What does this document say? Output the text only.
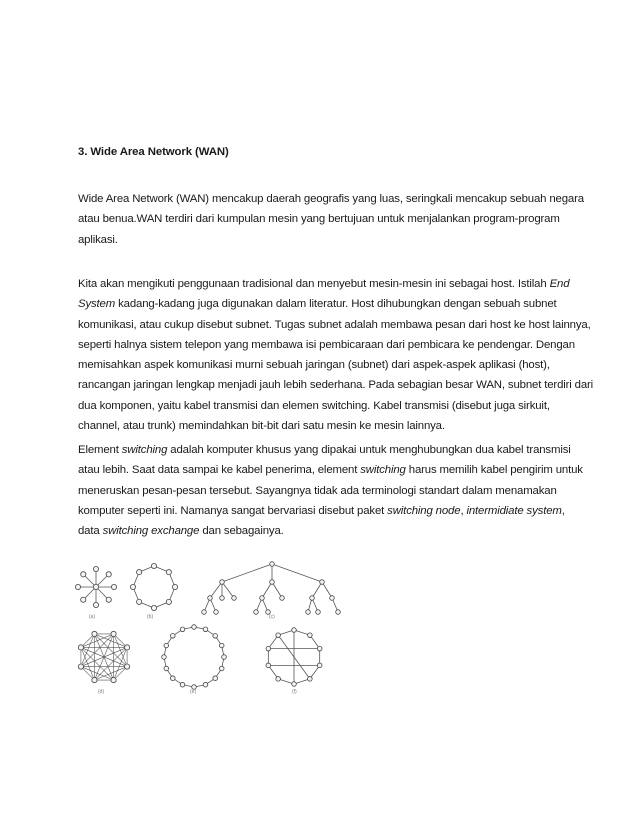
3. Wide Area Network (WAN)
Wide Area Network (WAN) mencakup daerah geografis yang luas, seringkali mencakup sebuah negara
atau benua.WAN terdiri dari kumpulan mesin yang bertujuan untuk menjalankan program-program
aplikasi.
Kita akan mengikuti penggunaan tradisional dan menyebut mesin-mesin ini sebagai host. Istilah End
System kadang-kadang juga digunakan dalam literatur. Host dihubungkan dengan sebuah subnet
komunikasi, atau cukup disebut subnet. Tugas subnet adalah membawa pesan dari host ke host lainnya,
seperti halnya sistem telepon yang membawa isi pembicaraan dari pembicara ke pendengar. Dengan
memisahkan aspek komunikasi murni sebuah jaringan (subnet) dari aspek-aspek aplikasi (host),
rancangan jaringan lengkap menjadi jauh lebih sederhana. Pada sebagian besar WAN, subnet terdiri dari
dua komponen, yaitu kabel transmisi dan elemen switching. Kabel transmisi (disebut juga sirkuit,
channel, atau trunk) memindahkan bit-bit dari satu mesin ke mesin lainnya.
Element switching adalah komputer khusus yang dipakai untuk menghubungkan dua kabel transmisi
atau lebih. Saat data sampai ke kabel penerima, element switching harus memilih kabel pengirim untuk
meneruskan pesan-pesan tersebut. Sayangnya tidak ada terminologi standart dalam menamakan
komputer seperti ini. Namanya sangat bervariasi disebut paket switching node, intermidiate system,
data switching exchange dan sebagainya.
(a)	(b)	(c)
(d)	(e)	(f)
